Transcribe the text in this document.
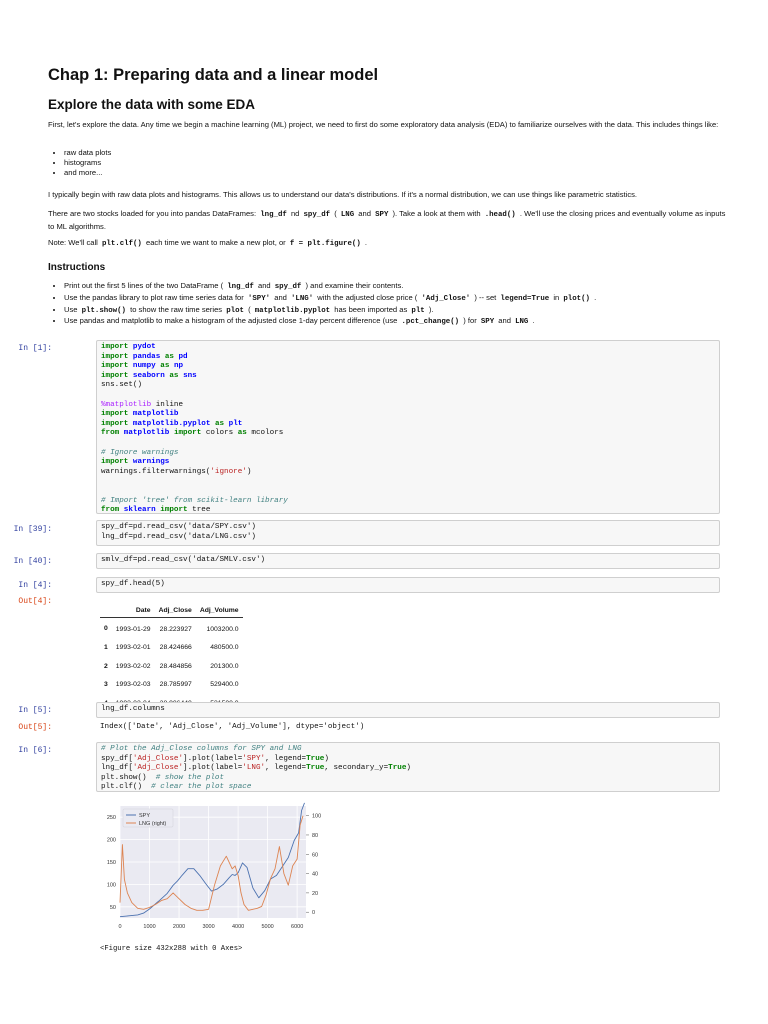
Chap 1: Preparing data and a linear model
Explore the data with some EDA

First, let's explore the data. Any time we begin a machine learning (ML) project, we need to first do some exploratory data analysis (EDA) to familiarize ourselves with the data. This includes things like:

• raw data plots
• histograms
• and more...

I typically begin with raw data plots and histograms. This allows us to understand our data's distributions. If it's a normal distribution, we can use things like parametric statistics.

There are two stocks loaded for you into pandas DataFrames: lng_df nd spy_df ( LNG and SPY ). Take a look at them with .head() . We'll use the closing prices and eventually volume as inputs to ML algorithms.

Note: We'll call plt.clf() each time we want to make a new plot, or f = plt.figure() .

Instructions
• Print out the first 5 lines of the two DataFrame ( lng_df and spy_df ) and examine their contents.
• Use the pandas library to plot raw time series data for 'SPY' and 'LNG' with the adjusted close price ( 'Adj_Close' ) -- set legend=True in plot() .
• Use plt.show() to show the raw time series plot ( matplotlib.pyplot has been imported as plt ).
• Use pandas and matplotlib to make a histogram of the adjusted close 1-day percent difference (use .pct_change() ) for SPY and LNG .
In [1]:	import pydot
import pandas as pd
import numpy as np
import seaborn as sns
sns.set()

%matplotlib inline
import matplotlib
import matplotlib.pyplot as plt
from matplotlib import colors as mcolors

# Ignore warnings
import warnings
warnings.filterwarnings('ignore')

# Import 'tree' from scikit-learn library
from sklearn import tree
In [39]:	spy_df=pd.read_csv('data/SPY.csv')
lng_df=pd.read_csv('data/LNG.csv')
In [40]:	smlv_df=pd.read_csv('data/SMLV.csv')
In [4]:	spy_df.head(5)
Out[4]:
	Date	Adj_Close	Adj_Volume
0	1993-01-29	28.223927	1003200.0
1	1993-02-01	28.424666	480500.0
2	1993-02-02	28.484856	201300.0
3	1993-02-03	28.785997	529400.0

In [5]:	lng_df.columns
Out[5]:	Index(['Date', 'Adj_Close', 'Adj_Volume'], dtype='object')
In [6]:	# Plot the Adj_Close columns for SPY and LNG
spy_df['Adj_Close'].plot(label='SPY', legend=True)
lng_df['Adj_Close'].plot(label='LNG', legend=True, secondary_y=True)
plt.show()  # show the plot
plt.clf()  # clear the plot space
0	1000	2000	3000	4000	5000	6000
50
100
150
200
250
0
20
40
60
80
100
SPY
LNG (right)
<Figure size 432x288 with 0 Axes>
